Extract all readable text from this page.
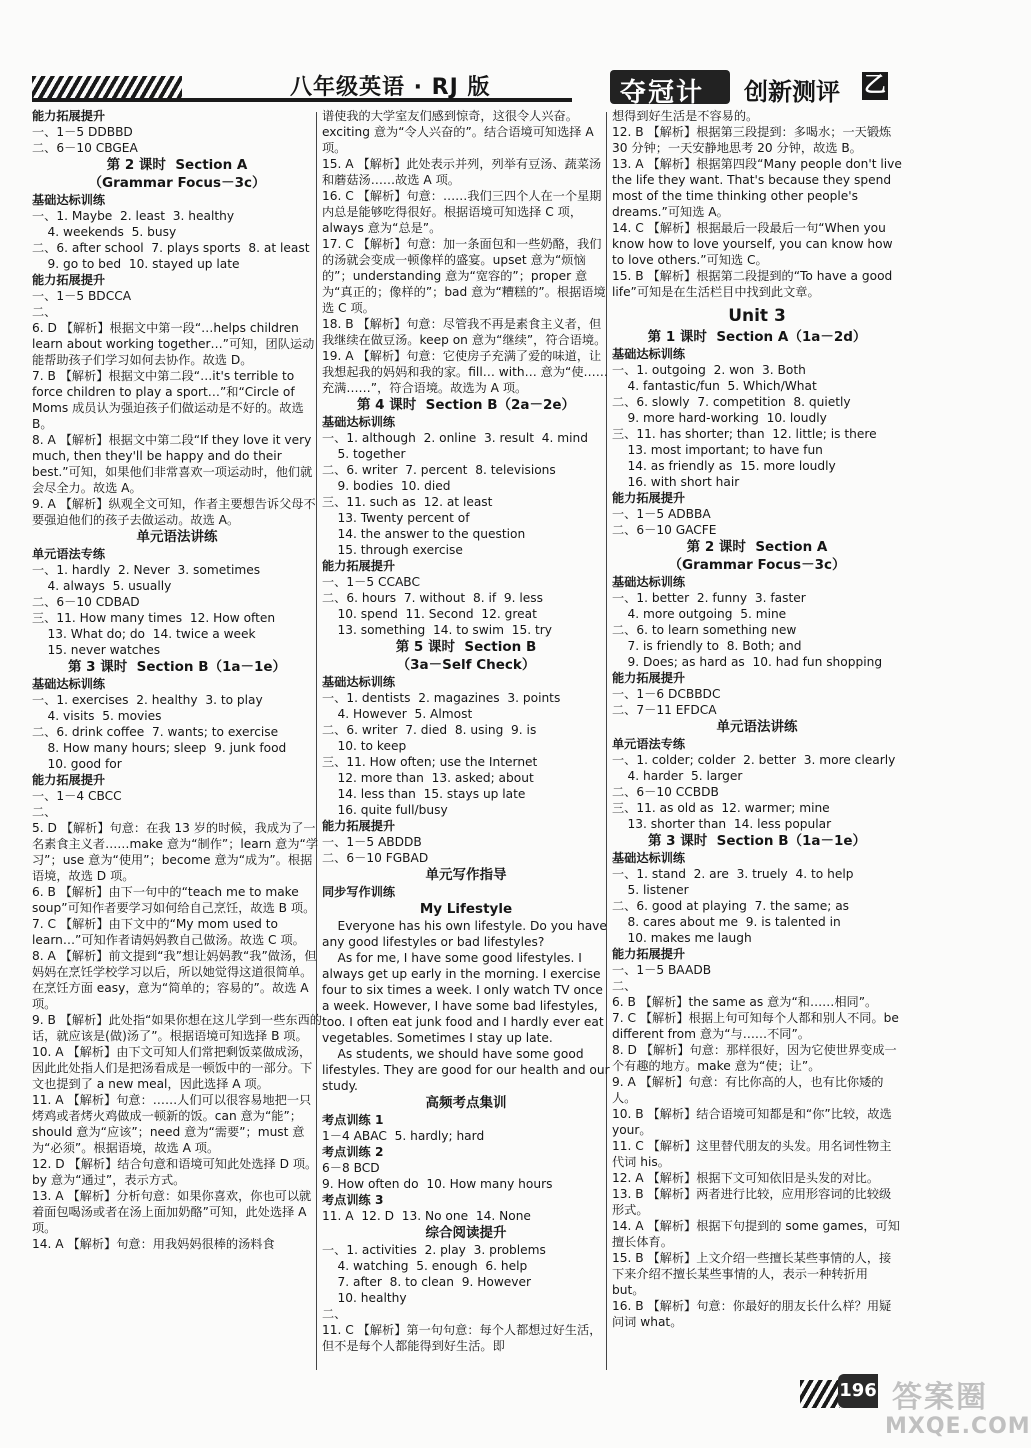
八年级英语 · RJ 版	夺冠计 创新测评 乙

能力拓展提升

一、1－5 DDBBD

二、6－10 CBGEA

第 2 课时  Section A

（Grammar Focus－3c）

基础达标训练

一、1. Maybe  2. least  3. healthy

4. weekends  5. busy

二、6. after school  7. plays sports  8. at least

9. go to bed  10. stayed up late

能力拓展提升

一、1－5 BDCCA

二、

6. D 【解析】根据文中第一段“…helps children learn about working together…”可知，团队运动能帮助孩子们学习如何去协作。故选 D。

7. B 【解析】根据文中第二段“…it's terrible to force children to play a sport…”和“Circle of Moms 成员认为强迫孩子们做运动是不好的。故选 B。

8. A 【解析】根据文中第二段“If they love it very much, then they'll be happy and do their best.”可知，如果他们非常喜欢一项运动时，他们就会尽全力。故选 A。

9. A 【解析】纵观全文可知，作者主要想告诉父母不要强迫他们的孩子去做运动。故选 A。

单元语法讲练

单元语法专练

一、1. hardly  2. Never  3. sometimes

4. always  5. usually

二、6－10 CDBAD

三、11. How many times  12. How often

13. What do; do  14. twice a week

15. never watches

第 3 课时  Section B（1a－1e）

基础达标训练

一、1. exercises  2. healthy  3. to play

4. visits  5. movies

二、6. drink coffee  7. wants; to exercise

8. How many hours; sleep  9. junk food

10. good for

能力拓展提升

一、1－4 CBCC

二、

5. D 【解析】句意：在我 13 岁的时候，我成为了一名素食主义者……make 意为“制作”；learn 意为“学习”；use 意为“使用”；become 意为“成为”。根据语境，故选 D 项。

6. B 【解析】由下一句中的“teach me to make soup”可知作者要学习如何给自己烹饪，故选 B 项。

7. C 【解析】由下文中的“My mom used to learn…”可知作者请妈妈教自己做汤。故选 C 项。

8. A 【解析】前文提到“我”想让妈妈教“我”做汤，但妈妈在烹饪学校学习以后，所以她觉得这道很简单。在烹饪方面 easy，意为“简单的；容易的”。故选 A 项。

9. B 【解析】此处指“如果你想在这儿学到一些东西的话，就应该是(做)汤了”。根据语境可知选择 B 项。

10. A 【解析】由下文可知人们常把剩饭菜做成汤，因此此处指人们是把汤看成是一顿饭中的一部分。下文也提到了 a new meal，因此选择 A 项。

11. A 【解析】句意：……人们可以很容易地把一只烤鸡或者烤火鸡做成一顿新的饭。can 意为“能”；should 意为“应该”；need 意为“需要”；must 意为“必须”。根据语境，故选 A 项。

12. D 【解析】结合句意和语境可知此处选择 D 项。by 意为“通过”，表示方式。

13. A 【解析】分析句意：如果你喜欢，你也可以就着面包喝汤或者在汤上面加奶酪”可知，此处选择 A 项。

14. A 【解析】句意：用我妈妈很棒的汤料食

谱使我的大学室友们感到惊奇，这很令人兴奋。exciting 意为“令人兴奋的”。结合语境可知选择 A 项。

15. A 【解析】此处表示并列，列举有豆汤、蔬菜汤和蘑菇汤……故选 A 项。

16. C 【解析】句意：……我们三四个人在一个星期内总是能够吃得很好。根据语境可知选择 C 项，always 意为“总是”。

17. C 【解析】句意：加一条面包和一些奶酪，我们的汤就会变成一顿像样的盛宴。upset 意为“烦恼的”；understanding 意为“宽容的”；proper 意为“真正的；像样的”；bad 意为“糟糕的”。根据语境选 C 项。

18. B 【解析】句意：尽管我不再是素食主义者，但我继续在做豆汤。keep on 意为“继续”，符合语境。

19. A 【解析】句意：它使房子充满了爱的味道，让我想起我的妈妈和我的家。fill… with… 意为“使……充满……”，符合语境。故选为 A 项。

第 4 课时  Section B（2a－2e）

基础达标训练

一、1. although  2. online  3. result  4. mind

5. together

二、6. writer  7. percent  8. televisions

9. bodies  10. died

三、11. such as  12. at least

13. Twenty percent of

14. the answer to the question

15. through exercise

能力拓展提升

一、1－5 CCABC

二、6. hours  7. without  8. if  9. less

10. spend  11. Second  12. great

13. something  14. to swim  15. try

第 5 课时  Section B

（3a－Self Check）

基础达标训练

一、1. dentists  2. magazines  3. points

4. However  5. Almost

二、6. writer  7. died  8. using  9. is

10. to keep

三、11. How often; use the Internet

12. more than  13. asked; about

14. less than  15. stays up late

16. quite full/busy

能力拓展提升

一、1－5 ABDDB

二、6－10 FGBAD

单元写作指导

同步写作训练

My Lifestyle

Everyone has his own lifestyle. Do you have any good lifestyles or bad lifestyles?

As for me, I have some good lifestyles. I always get up early in the morning. I exercise four to six times a week. I only watch TV once a week. However, I have some bad lifestyles, too. I often eat junk food and I hardly ever eat vegetables. Sometimes I stay up late.

As students, we should have some good lifestyles. They are good for our health and our study.

高频考点集训

考点训练 1

1－4 ABAC  5. hardly; hard

考点训练 2

6－8 BCD

9. How often do  10. How many hours

考点训练 3

11. A  12. D  13. No one  14. None

综合阅读提升

一、1. activities  2. play  3. problems

4. watching  5. enough  6. help

7. after  8. to clean  9. However

10. healthy

二、

11. C 【解析】第一句句意：每个人都想过好生活，但不是每个人都能得到好生活。即

想得到好生活是不容易的。

12. B 【解析】根据第三段提到：多喝水；一天锻炼 30 分钟；一天安静地思考 20 分钟，故选 B。

13. A 【解析】根据第四段“Many people don't live the life they want. That's because they spend most of the time thinking other people's dreams.”可知选 A。

14. C 【解析】根据最后一段最后一句“When you know how to love yourself, you can know how to love others.”可知选 C。

15. B 【解析】根据第二段提到的“To have a good life”可知是在生活栏目中找到此文章。

Unit 3

第 1 课时  Section A（1a－2d）

基础达标训练

一、1. outgoing  2. won  3. Both

4. fantastic/fun  5. Which/What

二、6. slowly  7. competition  8. quietly

9. more hard-working  10. loudly

三、11. has shorter; than  12. little; is there

13. most important; to have fun

14. as friendly as  15. more loudly

16. with short hair

能力拓展提升

一、1－5 ADBBA

二、6－10 GACFE

第 2 课时  Section A

（Grammar Focus－3c）

基础达标训练

一、1. better  2. funny  3. faster

4. more outgoing  5. mine

二、6. to learn something new

7. is friendly to  8. Both; and

9. Does; as hard as  10. had fun shopping

能力拓展提升

一、1－6 DCBBDC

二、7－11 EFDCA

单元语法讲练

单元语法专练

一、1. colder; colder  2. better  3. more clearly

4. harder  5. larger

二、6－10 CCBDB

三、11. as old as  12. warmer; mine

13. shorter than  14. less popular

第 3 课时  Section B（1a－1e）

基础达标训练

一、1. stand  2. are  3. truely  4. to help

5. listener

二、6. good at playing  7. the same; as

8. cares about me  9. is talented in

10. makes me laugh

能力拓展提升

一、1－5 BAADB

二、

6. B 【解析】the same as 意为“和……相同”。

7. C 【解析】根据上句可知每个人都和别人不同。be different from 意为“与……不同”。

8. D 【解析】句意：那样很好，因为它使世界变成一个有趣的地方。make 意为“使；让”。

9. A 【解析】句意：有比你高的人，也有比你矮的人。

10. B 【解析】结合语境可知都是和“你”比较，故选 your。

11. C 【解析】这里替代朋友的头发。用名词性物主代词 his。

12. A 【解析】根据下文可知依旧是头发的对比。

13. B 【解析】两者进行比较，应用形容词的比较级形式。

14. A 【解析】根据下句提到的 some games，可知擅长体育。

15. B 【解析】上文介绍一些擅长某些事情的人，接下来介绍不擅长某些事情的人，表示一种转折用 but。

16. B 【解析】句意：你最好的朋友长什么样？用疑问词 what。

196 答案圈
MXQE.COM
